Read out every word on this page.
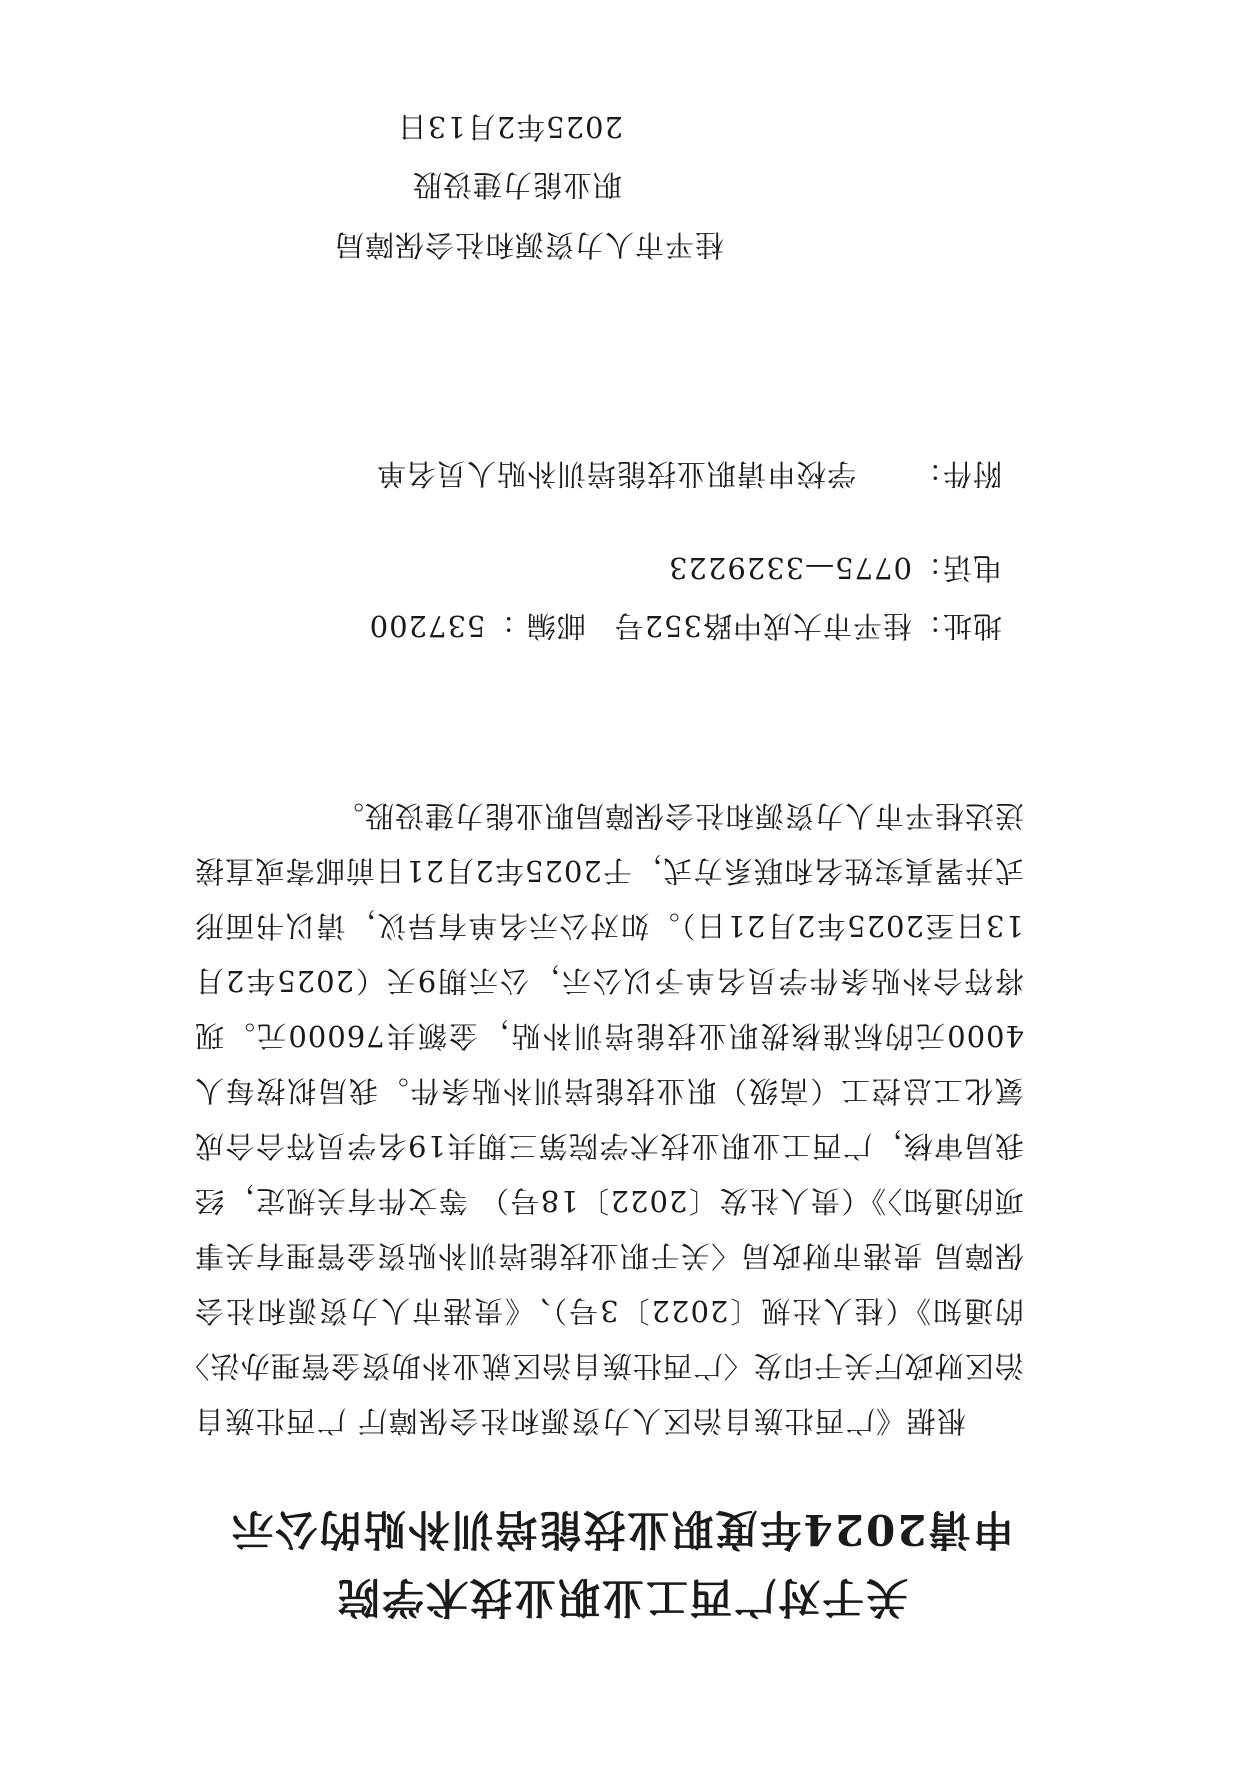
关于对广西工业职业技术学院
申请2024年度职业技能培训补贴的公示
根据《广西壮族自治区人力资源和社会保障厅 广西壮族自治区财政厅关于印发〈广西壮族自治区就业补助资金管理办法〉的通知》（桂人社规〔2022〕3号）、《贵港市人力资源和社会保障局 贵港市财政局〈关于职业技能培训补贴资金管理有关事项的通知〉》（贵人社发〔2022〕18号） 等文件有关规定，经我局审核，广西工业职业技术学院第三期共19名学员符合合成氨化工总控工（高级）职业技能培训补贴条件。我局拟按每人4000元的标准核拨职业技能培训补贴，金额共76000元。现将符合补贴条件学员名单予以公示，公示期9天（2025年2月13日至2025年2月21日）。如对公示名单有异议，请以书面形式并署真实姓名和联系方式，于2025年2月21日前邮寄或直接送达桂平市人力资源和社会保障局职业能力建设股。
地址：桂平市大成中路352号邮编 ：537200
电话：0775—3329223
附件：学校申请职业技能培训补贴人员名单
桂平市人力资源和社会保障局
职业能力建设股
2025年2月13日
